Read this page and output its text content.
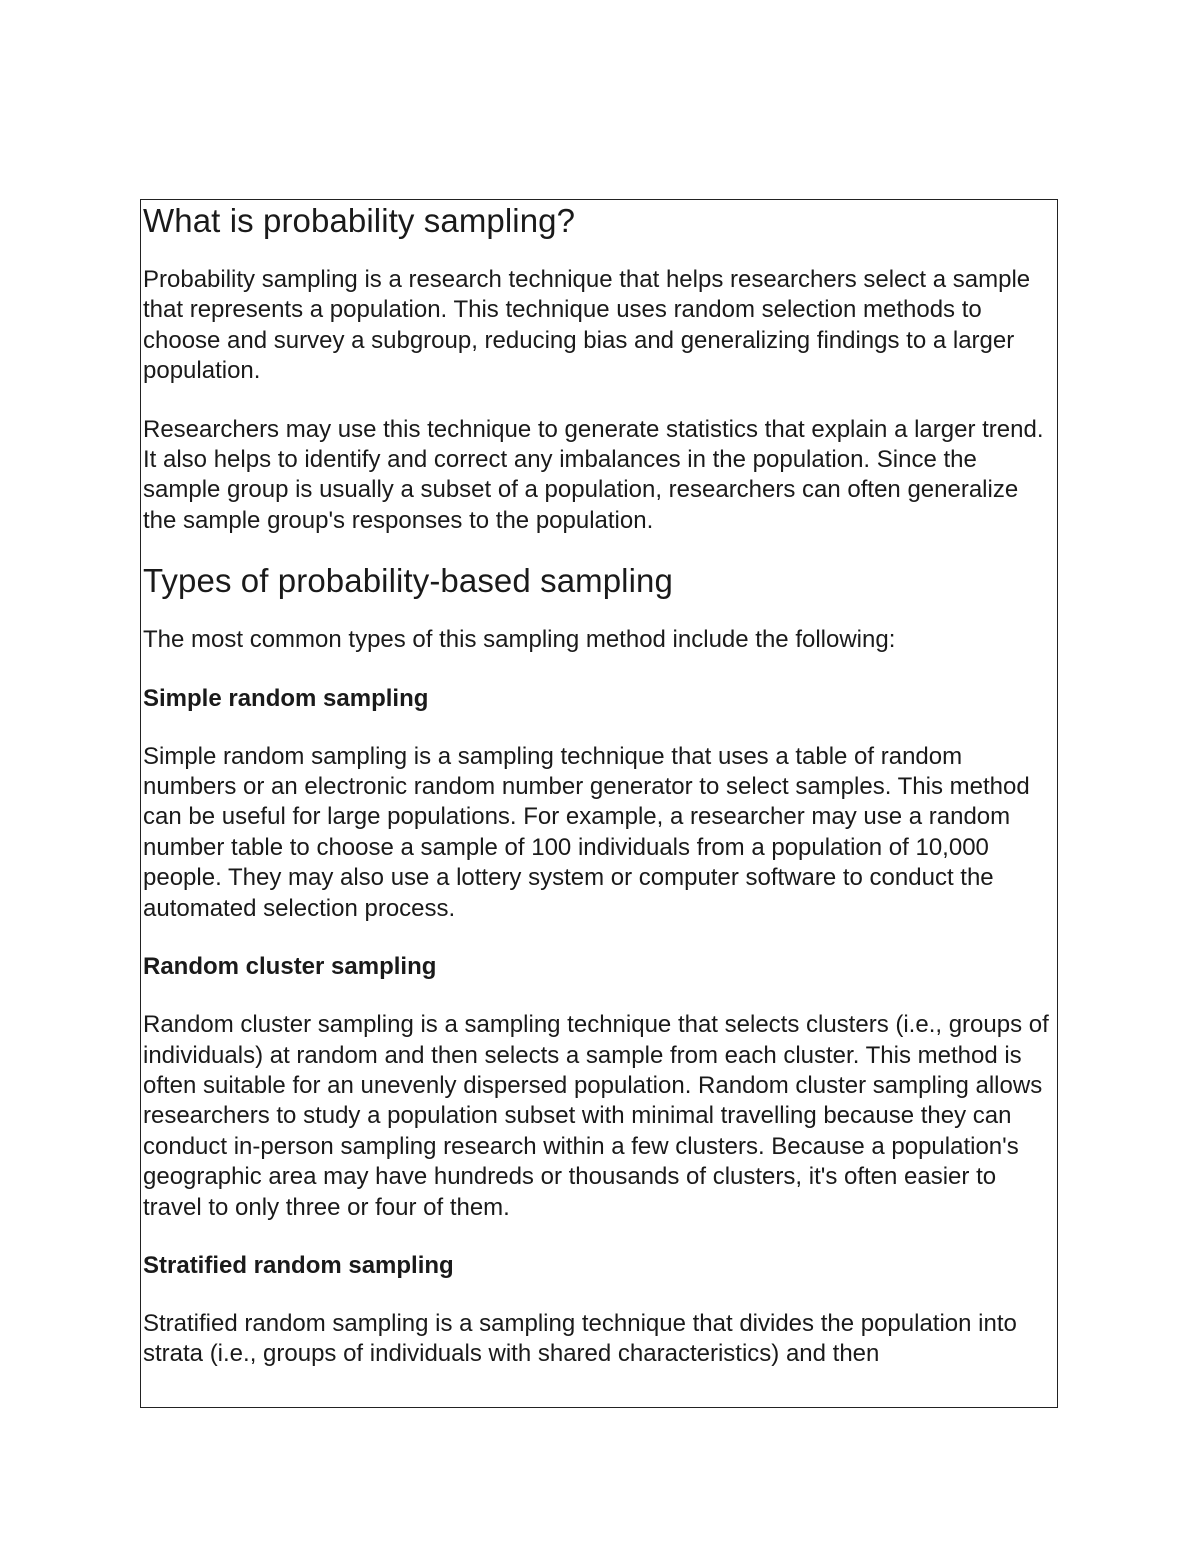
What is probability sampling?

Probability sampling is a research technique that helps researchers select a sample that represents a population. This technique uses random selection methods to choose and survey a subgroup, reducing bias and generalizing findings to a larger population.

Researchers may use this technique to generate statistics that explain a larger trend. It also helps to identify and correct any imbalances in the population. Since the sample group is usually a subset of a population, researchers can often generalize the sample group's responses to the population.

Types of probability-based sampling

The most common types of this sampling method include the following:

Simple random sampling

Simple random sampling is a sampling technique that uses a table of random numbers or an electronic random number generator to select samples. This method can be useful for large populations. For example, a researcher may use a random number table to choose a sample of 100 individuals from a population of 10,000 people. They may also use a lottery system or computer software to conduct the automated selection process.

Random cluster sampling

Random cluster sampling is a sampling technique that selects clusters (i.e., groups of individuals) at random and then selects a sample from each cluster. This method is often suitable for an unevenly dispersed population. Random cluster sampling allows researchers to study a population subset with minimal travelling because they can conduct in-person sampling research within a few clusters. Because a population's geographic area may have hundreds or thousands of clusters, it's often easier to travel to only three or four of them.

Stratified random sampling

Stratified random sampling is a sampling technique that divides the population into strata (i.e., groups of individuals with shared characteristics) and then
